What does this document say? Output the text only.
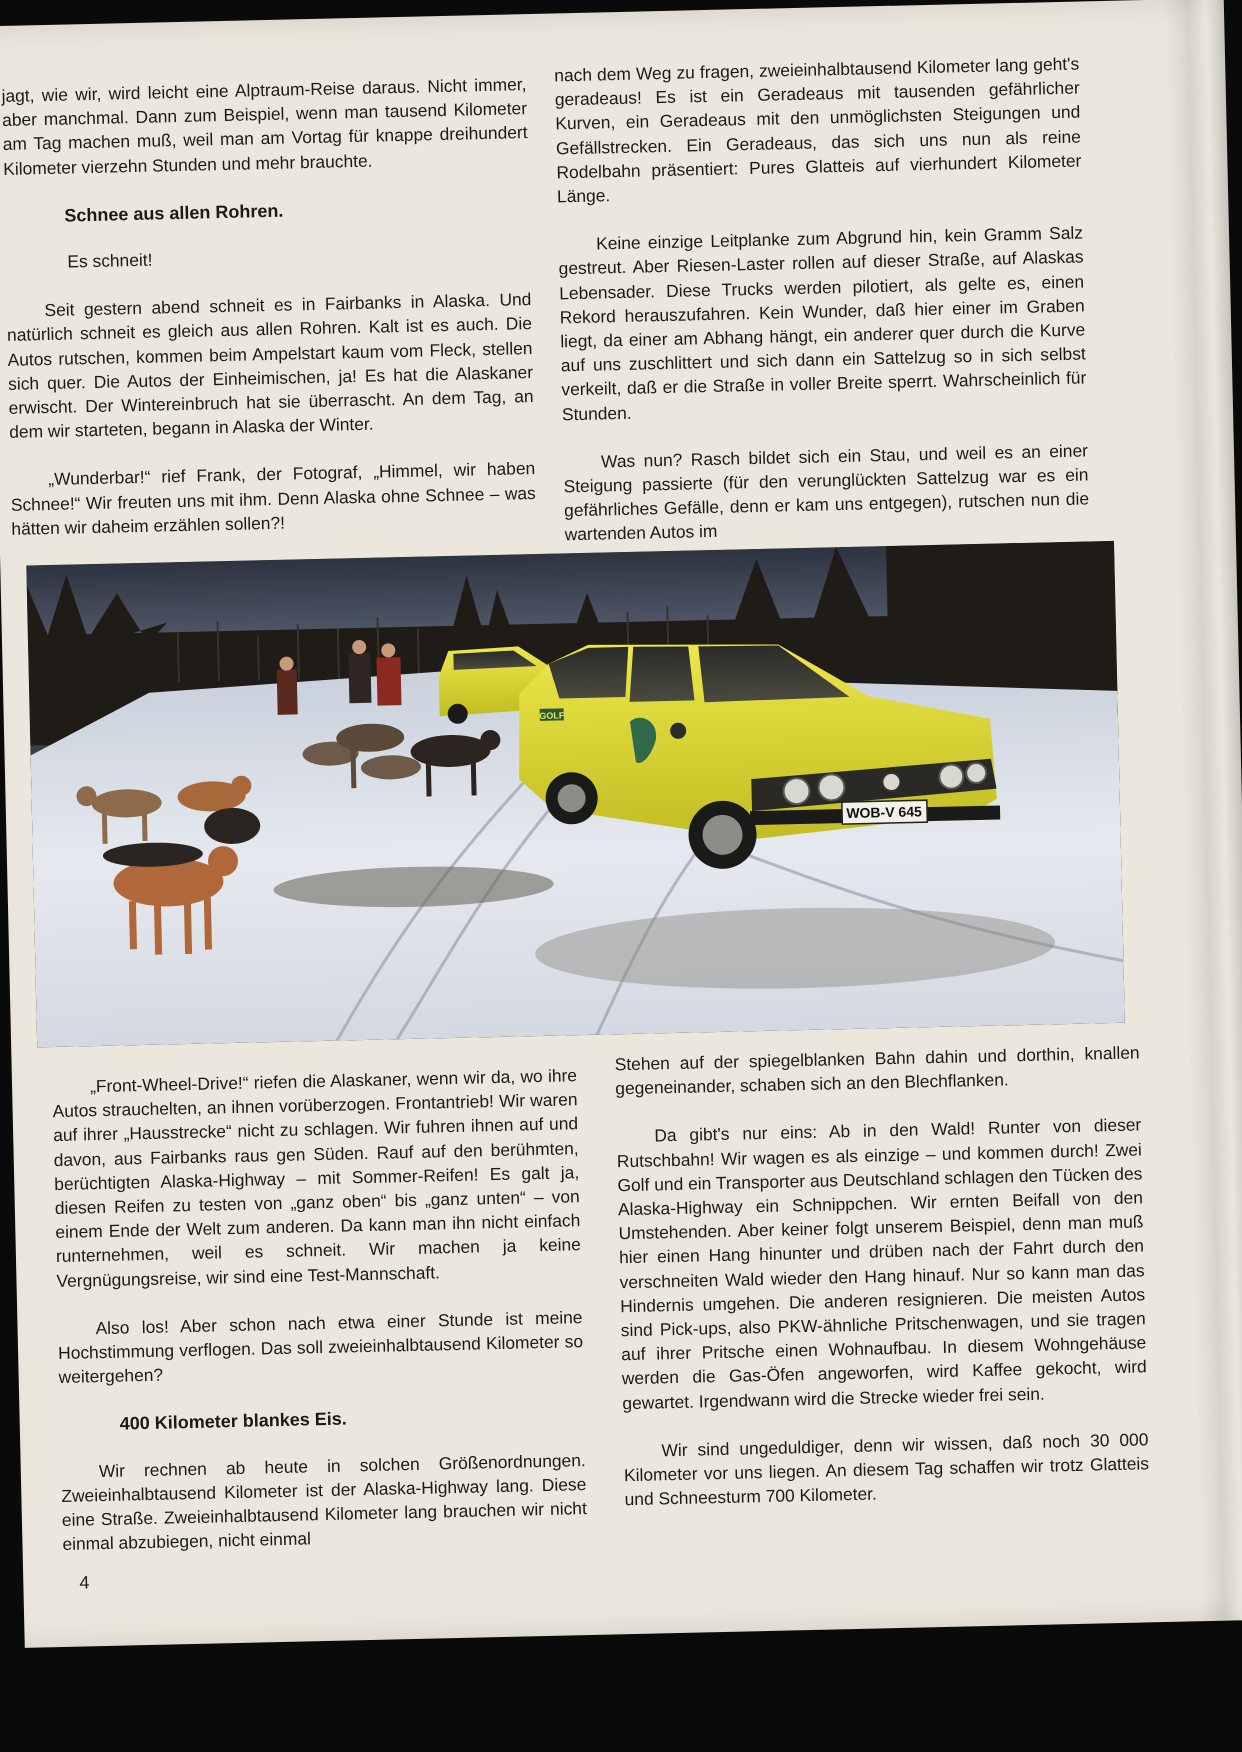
jagt, wie wir, wird leicht eine Alptraum-Reise daraus. Nicht immer, aber manchmal. Dann zum Beispiel, wenn man tausend Kilometer am Tag machen muß, weil man am Vortag für knappe dreihundert Kilometer vierzehn Stunden und mehr brauchte.

Schnee aus allen Rohren.

Es schneit!

Seit gestern abend schneit es in Fairbanks in Alaska. Und natürlich schneit es gleich aus allen Rohren. Kalt ist es auch. Die Autos rutschen, kommen beim Ampelstart kaum vom Fleck, stellen sich quer. Die Autos der Einheimischen, ja! Es hat die Alaskaner erwischt. Der Wintereinbruch hat sie überrascht. An dem Tag, an dem wir starteten, begann in Alaska der Winter.

„Wunderbar!“ rief Frank, der Fotograf, „Himmel, wir haben Schnee!“ Wir freuten uns mit ihm. Denn Alaska ohne Schnee – was hätten wir daheim erzählen sollen?!

nach dem Weg zu fragen, zweieinhalbtausend Kilometer lang geht's geradeaus! Es ist ein Geradeaus mit tausenden gefährlicher Kurven, ein Geradeaus mit den unmöglichsten Steigungen und Gefällstrecken. Ein Geradeaus, das sich uns nun als reine Rodelbahn präsentiert: Pures Glatteis auf vierhundert Kilometer Länge.

Keine einzige Leitplanke zum Abgrund hin, kein Gramm Salz gestreut. Aber Riesen-Laster rollen auf dieser Straße, auf Alaskas Lebensader. Diese Trucks werden pilotiert, als gelte es, einen Rekord herauszufahren. Kein Wunder, daß hier einer im Graben liegt, da einer am Abhang hängt, ein anderer quer durch die Kurve auf uns zuschlittert und sich dann ein Sattelzug so in sich selbst verkeilt, daß er die Straße in voller Breite sperrt. Wahrscheinlich für Stunden.

Was nun? Rasch bildet sich ein Stau, und weil es an einer Steigung passierte (für den verunglückten Sattelzug war es ein gefährliches Gefälle, denn er kam uns entgegen), rutschen nun die wartenden Autos im

WOB-V 645
GOLF

„Front-Wheel-Drive!“ riefen die Alaskaner, wenn wir da, wo ihre Autos strauchelten, an ihnen vorüberzogen. Frontantrieb! Wir waren auf ihrer „Hausstrecke“ nicht zu schlagen. Wir fuhren ihnen auf und davon, aus Fairbanks raus gen Süden. Rauf auf den berühmten, berüchtigten Alaska-Highway – mit Sommer-Reifen! Es galt ja, diesen Reifen zu testen von „ganz oben“ bis „ganz unten“ – von einem Ende der Welt zum anderen. Da kann man ihn nicht einfach runternehmen, weil es schneit. Wir machen ja keine Vergnügungsreise, wir sind eine Test-Mannschaft.

Also los! Aber schon nach etwa einer Stunde ist meine Hochstimmung verflogen. Das soll zweieinhalbtausend Kilometer so weitergehen?

400 Kilometer blankes Eis.

Wir rechnen ab heute in solchen Größenordnungen. Zweieinhalbtausend Kilometer ist der Alaska-Highway lang. Diese eine Straße. Zweieinhalbtausend Kilometer lang brauchen wir nicht einmal abzubiegen, nicht einmal

Stehen auf der spiegelblanken Bahn dahin und dorthin, knallen gegeneinander, schaben sich an den Blechflanken.

Da gibt's nur eins: Ab in den Wald! Runter von dieser Rutschbahn! Wir wagen es als einzige – und kommen durch! Zwei Golf und ein Transporter aus Deutschland schlagen den Tücken des Alaska-Highway ein Schnippchen. Wir ernten Beifall von den Umstehenden. Aber keiner folgt unserem Beispiel, denn man muß hier einen Hang hinunter und drüben nach der Fahrt durch den verschneiten Wald wieder den Hang hinauf. Nur so kann man das Hindernis umgehen. Die anderen resignieren. Die meisten Autos sind Pick-ups, also PKW-ähnliche Pritschenwagen, und sie tragen auf ihrer Pritsche einen Wohnaufbau. In diesem Wohngehäuse werden die Gas-Öfen angeworfen, wird Kaffee gekocht, wird gewartet. Irgendwann wird die Strecke wieder frei sein.

Wir sind ungeduldiger, denn wir wissen, daß noch 30 000 Kilometer vor uns liegen. An diesem Tag schaffen wir trotz Glatteis und Schneesturm 700 Kilometer.

4
